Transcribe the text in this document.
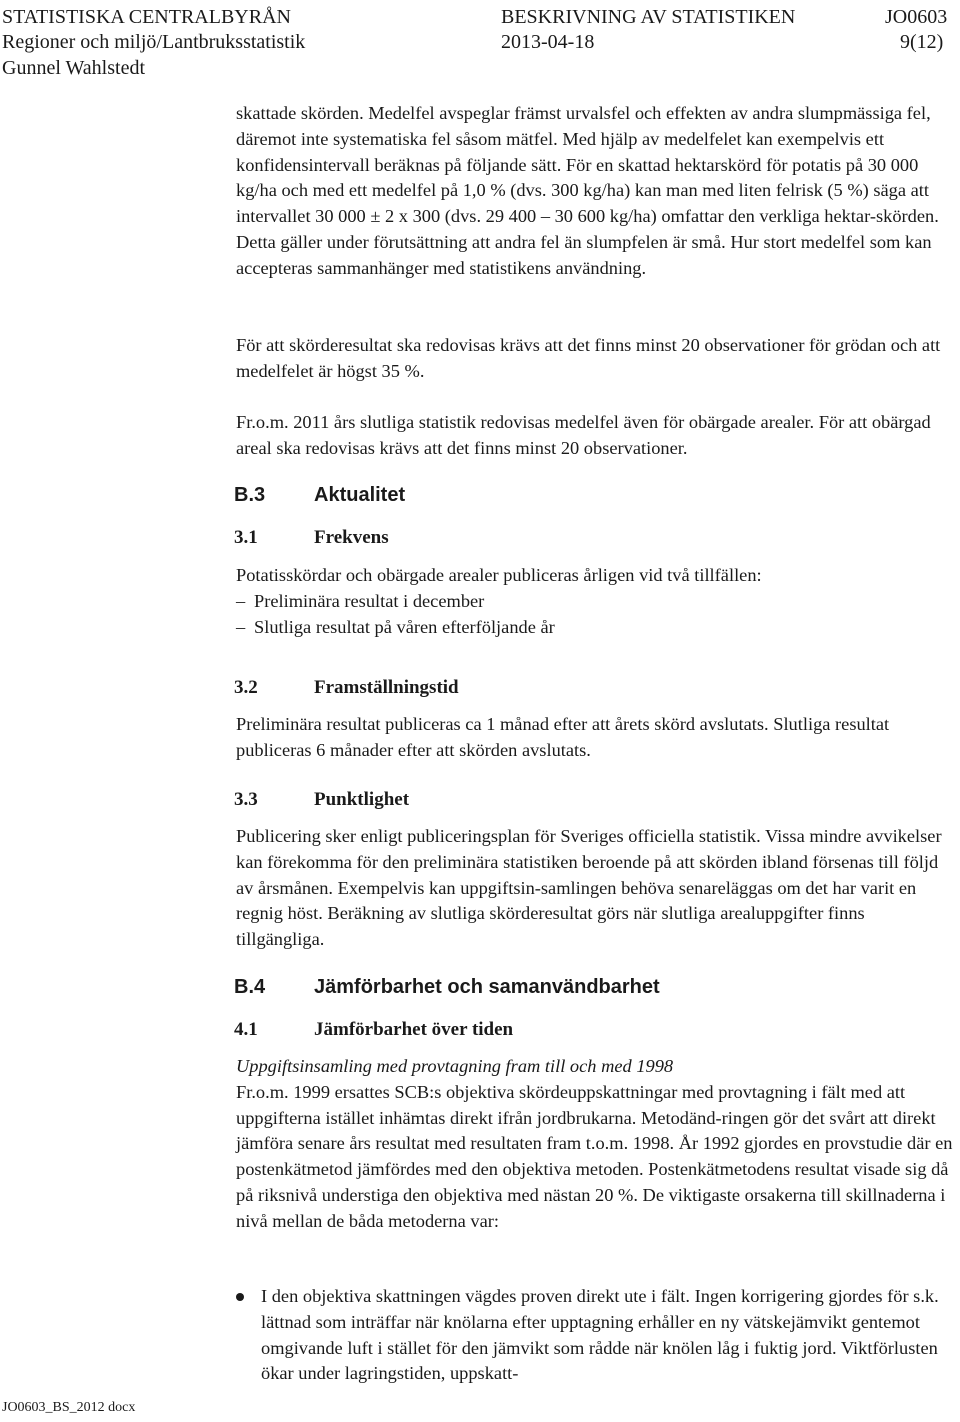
STATISTISKA CENTRALBYRÅN	BESKRIVNING AV STATISTIKEN	JO0603
Regioner och miljö/Lantbruksstatistik	2013-04-18	9(12)
Gunnel Wahlstedt

skattade skörden. Medelfel avspeglar främst urvalsfel och effekten av andra slumpmässiga fel, däremot inte systematiska fel såsom mätfel. Med hjälp av medelfelet kan exempelvis ett konfidensintervall beräknas på följande sätt. För en skattad hektarskörd för potatis på 30 000 kg/ha och med ett medelfel på 1,0 % (dvs. 300 kg/ha) kan man med liten felrisk (5 %) säga att intervallet 30 000 ± 2 x 300 (dvs. 29 400 – 30 600 kg/ha) omfattar den verkliga hektar-skörden. Detta gäller under förutsättning att andra fel än slumpfelen är små. Hur stort medelfel som kan accepteras sammanhänger med statistikens användning.

För att skörderesultat ska redovisas krävs att det finns minst 20 observationer för grödan och att medelfelet är högst 35 %.

Fr.o.m. 2011 års slutliga statistik redovisas medelfel även för obärgade arealer. För att obärgad areal ska redovisas krävs att det finns minst 20 observationer.

B.3 Aktualitet
3.1	Frekvens

Potatisskördar och obärgade arealer publiceras årligen vid två tillfällen:

– Preliminära resultat i december
– Slutliga resultat på våren efterföljande år
3.2	Framställningstid

Preliminära resultat publiceras ca 1 månad efter att årets skörd avslutats. Slutliga resultat publiceras 6 månader efter att skörden avslutats.

3.3	Punktlighet

Publicering sker enligt publiceringsplan för Sveriges officiella statistik. Vissa mindre avvikelser kan förekomma för den preliminära statistiken beroende på att skörden ibland försenas till följd av årsmånen. Exempelvis kan uppgiftsin-samlingen behöva senareläggas om det har varit en regnig höst. Beräkning av slutliga skörderesultat görs när slutliga arealuppgifter finns tillgängliga.

B.4 Jämförbarhet och samanvändbarhet
4.1	Jämförbarhet över tiden

Uppgiftsinsamling med provtagning fram till och med 1998

Fr.o.m. 1999 ersattes SCB:s objektiva skördeuppskattningar med provtagning i fält med att uppgifterna istället inhämtas direkt ifrån jordbrukarna. Metodänd-ringen gör det svårt att direkt jämföra senare års resultat med resultaten fram t.o.m. 1998. År 1992 gjordes en provstudie där en postenkätmetod jämfördes med den objektiva metoden. Postenkätmetodens resultat visade sig då på riksnivå understiga den objektiva med nästan 20 %. De viktigaste orsakerna till skillnaderna i nivå mellan de båda metoderna var:

I den objektiva skattningen vägdes proven direkt ute i fält. Ingen korrigering gjordes för s.k. lättnad som inträffar när knölarna efter upptagning erhåller en ny vätskejämvikt gentemot omgivande luft i stället för den jämvikt som rådde när knölen låg i fuktig jord. Viktförlusten ökar under lagringstiden, uppskatt-
JO0603_BS_2012 docx
